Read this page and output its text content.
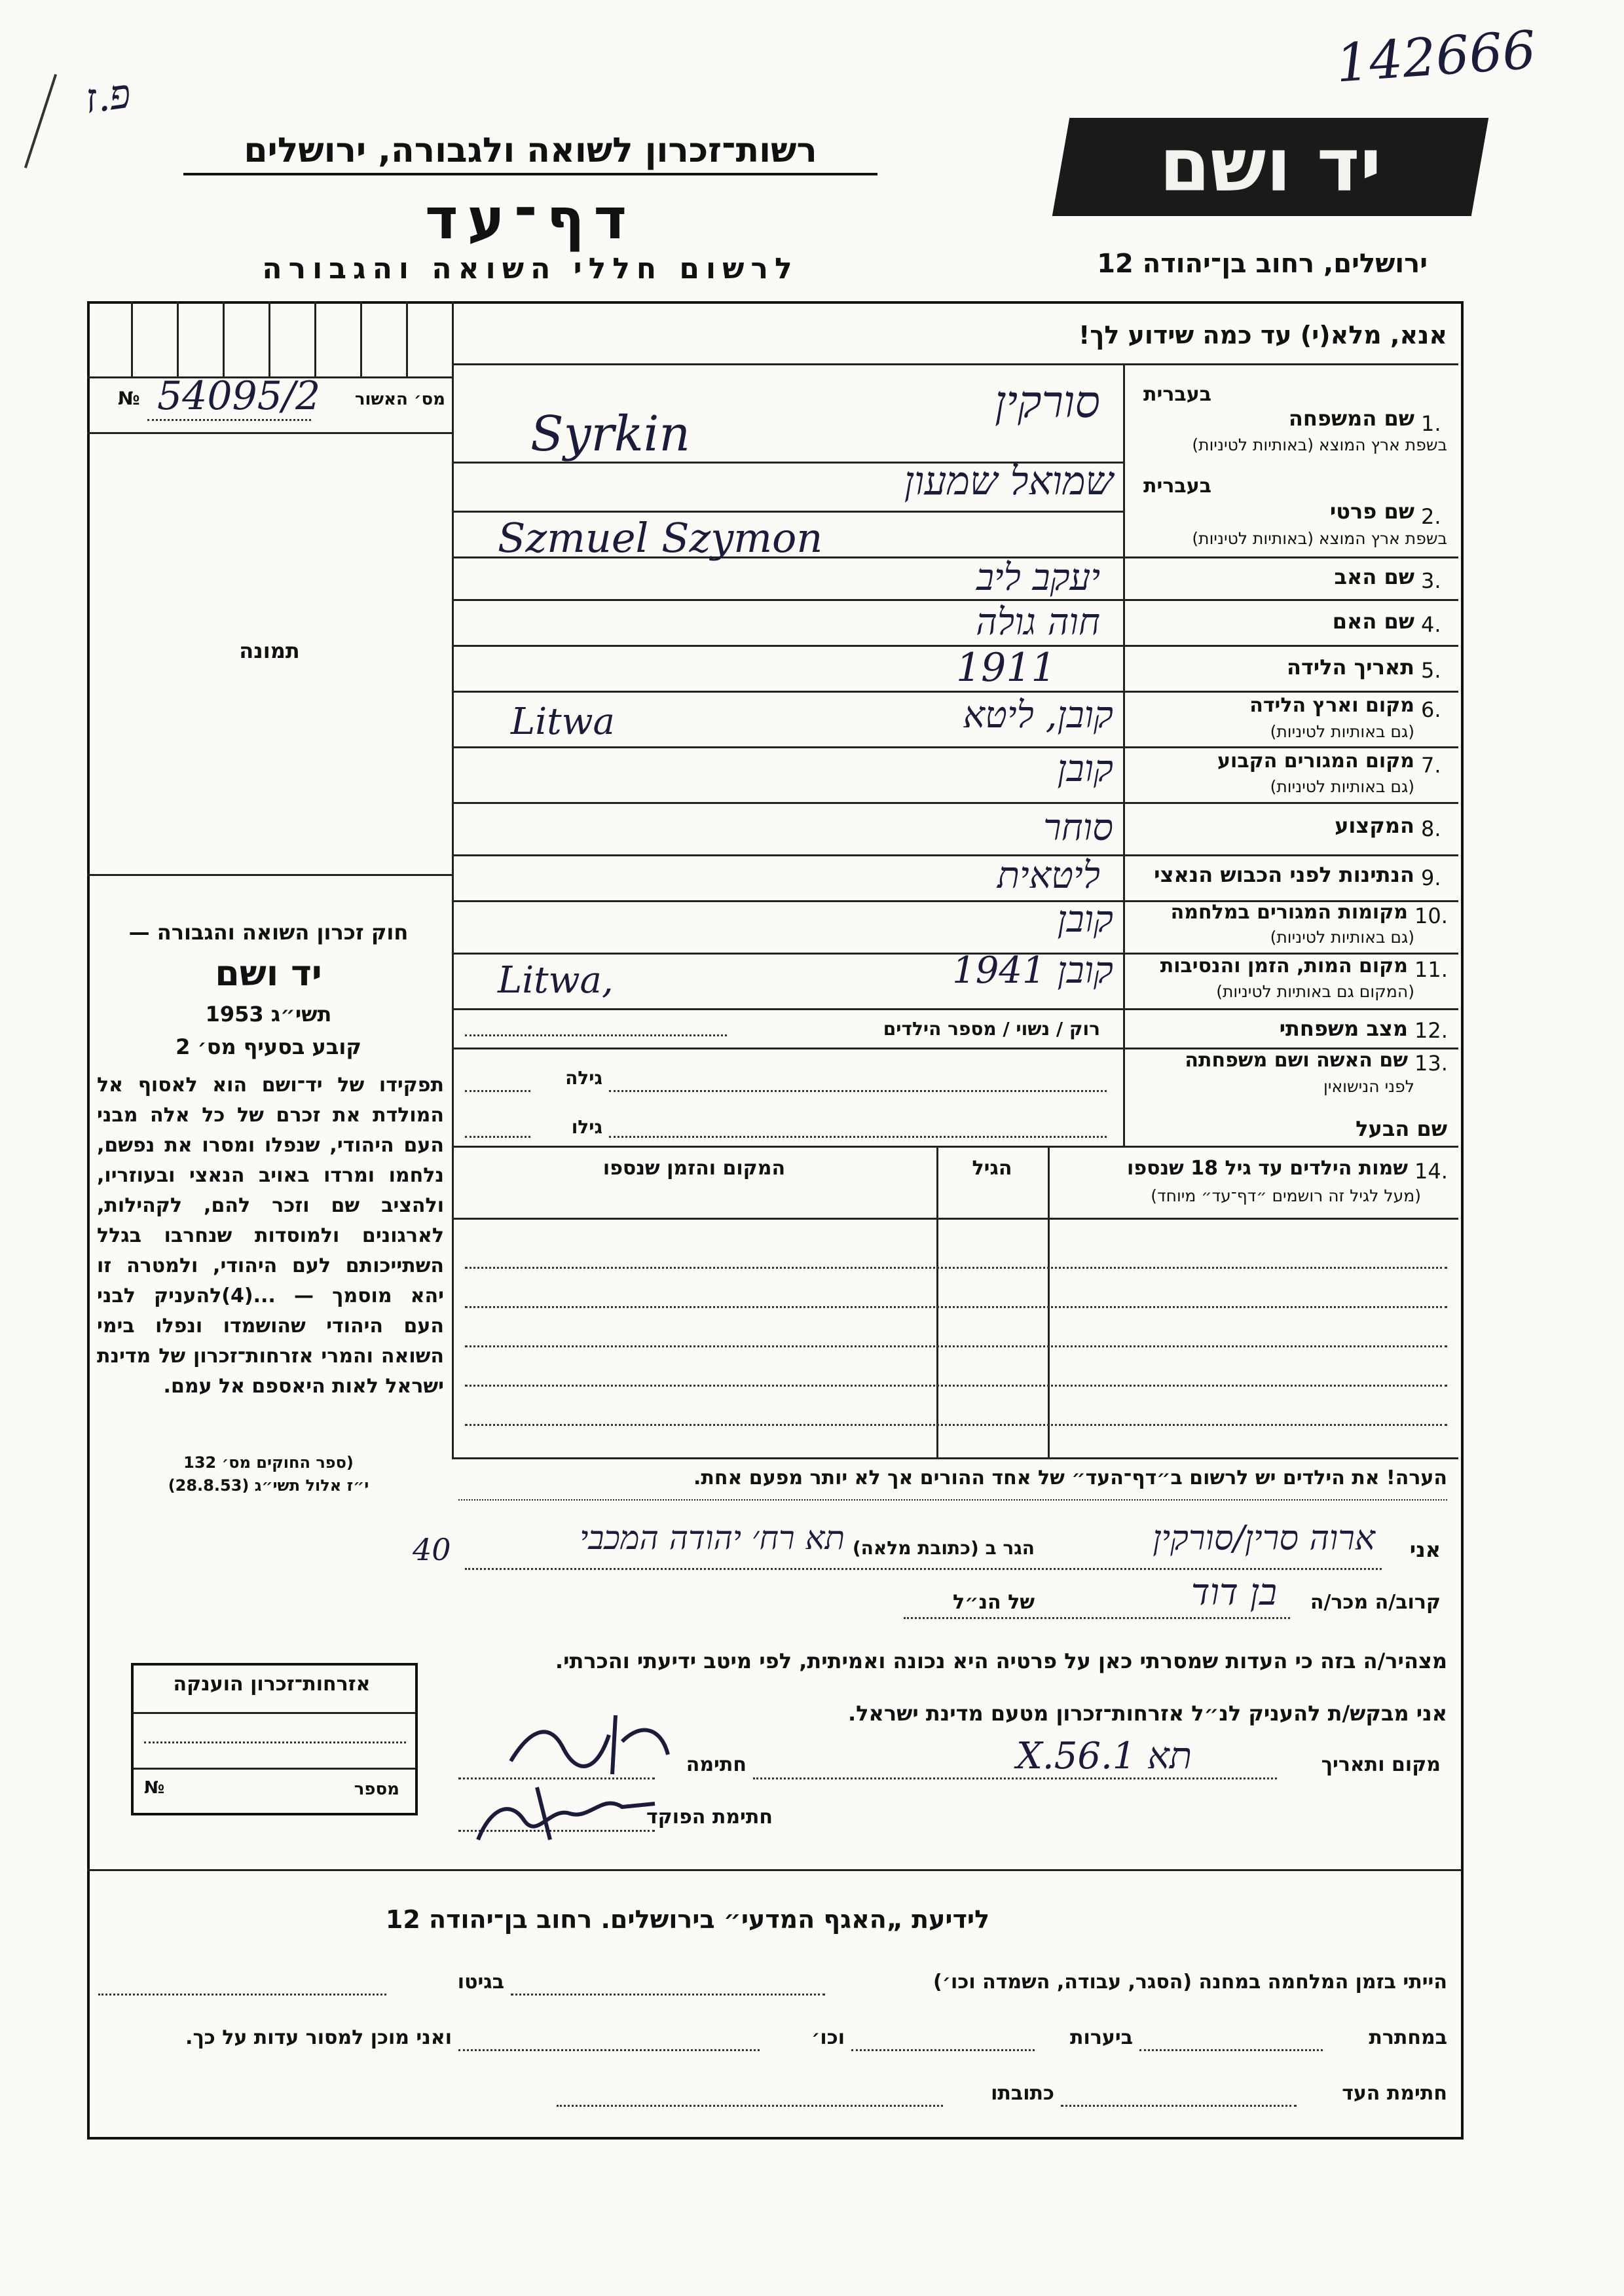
142666
פ.ז
רשות־זכרון לשואה ולגבורה, ירושלים
דף־עד
לרשום חללי השואה והגבורה
יד ושם
ירושלים, רחוב בן־יהודה 12
אנא, מלא(י) עד כמה שידוע לך!
מס׳ האשור
№ 54095/2
תמונה
חוק זכרון השואה והגבורה —
יד ושם
תשי״ג 1953
קובע בסעיף מס׳ 2
תפקידו של יד־ושם הוא לאסוף אל המולדת את זכרם של כל אלה מבני העם היהודי, שנפלו ומסרו את נפשם, נלחמו ומרדו באויב הנאצי ובעוזריו, ולהציב שם וזכר להם, לקהילות, לארגונים ולמוסדות שנחרבו בגלל השתייכותם לעם היהודי, ולמטרה זו יהא מוסמך — ...(4)להעניק לבני העם היהודי שהושמדו ונפלו בימי השואה והמרי אזרחות־זכרון של מדינת ישראל לאות היאספם אל עמם.
(ספר החוקים מס׳ 132
י״ז אלול תשי״ג (28.8.53)
בעברית
1.
שם המשפחה
בשפת ארץ המוצא (באותיות לטיניות)
סורקין
Syrkin
בעברית
2.
שם פרטי
בשפת ארץ המוצא (באותיות לטיניות)
שמואל שמעון
Szmuel Szymon
3.
שם האב
יעקב ליב
4.
שם האם
חוה גולה
5.
תאריך הלידה
1911
6.
מקום וארץ הלידה
(גם באותיות לטיניות)
קובן, ליטא
Litwa
7.
מקום המגורים הקבוע
(גם באותיות לטיניות)
קובן
8.
המקצוע
סוחר
9.
הנתינות לפני הכבוש הנאצי
ליטאית
10.
מקומות המגורים במלחמה
(גם באותיות לטיניות)
קובן
11.
מקום המות, הזמן והנסיבות
(המקום גם באותיות לטיניות)
קובן 1941
Litwa,
12.
מצב משפחתי
רוק / נשוי / מספר הילדים
13.
שם האשה ושם משפחתה
לפני הנישואין
גילה
שם הבעל
גילו
14.
שמות הילדים עד גיל 18 שנספו
(מעל לגיל זה רושמים ״דף־עד״ מיוחד)
הגיל
המקום והזמן שנספו
הערה! את הילדים יש לרשום ב״דף־העד״ של אחד ההורים אך לא יותר מפעם אחת.
אני
ארוה סרין/סורקין
הגר ב (כתובת מלאה)
תא רח׳ יהודה המכבי
40
קרוב/ה מכר/ה
בן דוד
של הנ״ל
מצהיר/ה בזה כי העדות שמסרתי כאן על פרטיה היא נכונה ואמיתית, לפי מיטב ידיעתי והכרתי.
אני מבקש/ת להעניק לנ״ל אזרחות־זכרון מטעם מדינת ישראל.
מקום ותאריך
תא 1.X.56
חתימה
חתימת הפוקד
אזרחות־זכרון הוענקה
מספר
№
לידיעת „האגף המדעי״ בירושלים. רחוב בן־יהודה 12
הייתי בזמן המלחמה במחנה (הסגר, עבודה, השמדה וכו׳)
בגיטו
במחתרת
ביערות
וכו׳
ואני מוכן למסור עדות על כך.
חתימת העד
כתובתו
